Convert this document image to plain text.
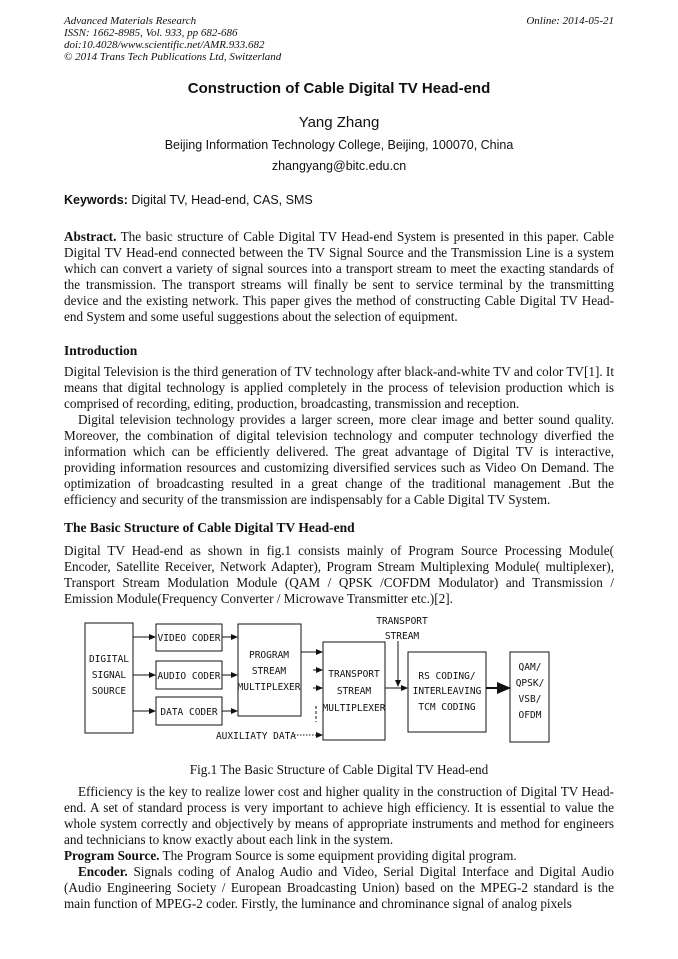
Advanced Materials Research
ISSN: 1662-8985, Vol. 933, pp 682-686
doi:10.4028/www.scientific.net/AMR.933.682
© 2014 Trans Tech Publications Ltd, Switzerland
Online: 2014-05-21
Construction of Cable Digital TV Head-end
Yang Zhang
Beijing Information Technology College, Beijing, 100070, China
zhangyang@bitc.edu.cn
Keywords: Digital TV, Head-end, CAS, SMS

Abstract. The basic structure of Cable Digital TV Head-end System is presented in this paper. Cable Digital TV Head-end connected between the TV Signal Source and the Transmission Line is a system which can convert a variety of signal sources into a transport stream to meet the exacting standards of the transmission. The transport streams will finally be sent to service terminal by the transmitting device and the existing network. This paper gives the method of constructing Cable Digital TV Head-end System and some useful suggestions about the selection of equipment.

Introduction

Digital Television is the third generation of TV technology after black-and-white TV and color TV[1]. It means that digital technology is applied completely in the process of television production which is comprised of recording, editing, production, broadcasting, transmission and reception.

Digital television technology provides a larger screen, more clear image and better sound quality. Moreover, the combination of digital television technology and computer technology diverfied the information which can be efficiently delivered. The great advantage of Digital TV is interactive, providing information resources and customizing diversified services such as Video On Demand. The optimization of broadcasting resulted in a great change of the traditional management .But the efficiency and security of the transmission are indispensably for a Cable Digital TV System.

The Basic Structure of Cable Digital TV Head-end

Digital TV Head-end as shown in fig.1 consists mainly of Program Source Processing Module( Encoder, Satellite Receiver, Network Adapter), Program Stream Multiplexing Module( multiplexer), Transport Stream Modulation Module (QAM / QPSK /COFDM Modulator) and Transmission / Emission Module(Frequency Converter / Microwave Transmitter etc.)[2].

DIGITAL
SIGNAL
SOURCE
VIDEO CODER
AUDIO CODER
DATA CODER
PROGRAM
STREAM
MULTIPLEXER
TRANSPORT
STREAM
MULTIPLEXER
TRANSPORT
STREAM
RS CODING/
INTERLEAVING
TCM CODING
QAM/
QPSK/
VSB/
OFDM
AUXILIATY DATA
Fig.1 The Basic Structure of Cable Digital TV Head-end

Efficiency is the key to realize lower cost and higher quality in the construction of Digital TV Head-end. A set of standard process is very important to achieve high efficiency. It is essential to value the whole system correctly and objectively by means of appropriate instruments and method for engineers and technicians to know exactly about each link in the system.

Program Source. The Program Source is some equipment providing digital program.

Encoder. Signals coding of Analog Audio and Video, Serial Digital Interface and Digital Audio (Audio Engineering Society / European Broadcasting Union) based on the MPEG-2 standard is the main function of MPEG-2 coder. Firstly, the luminance and chrominance signal of analog pixels
